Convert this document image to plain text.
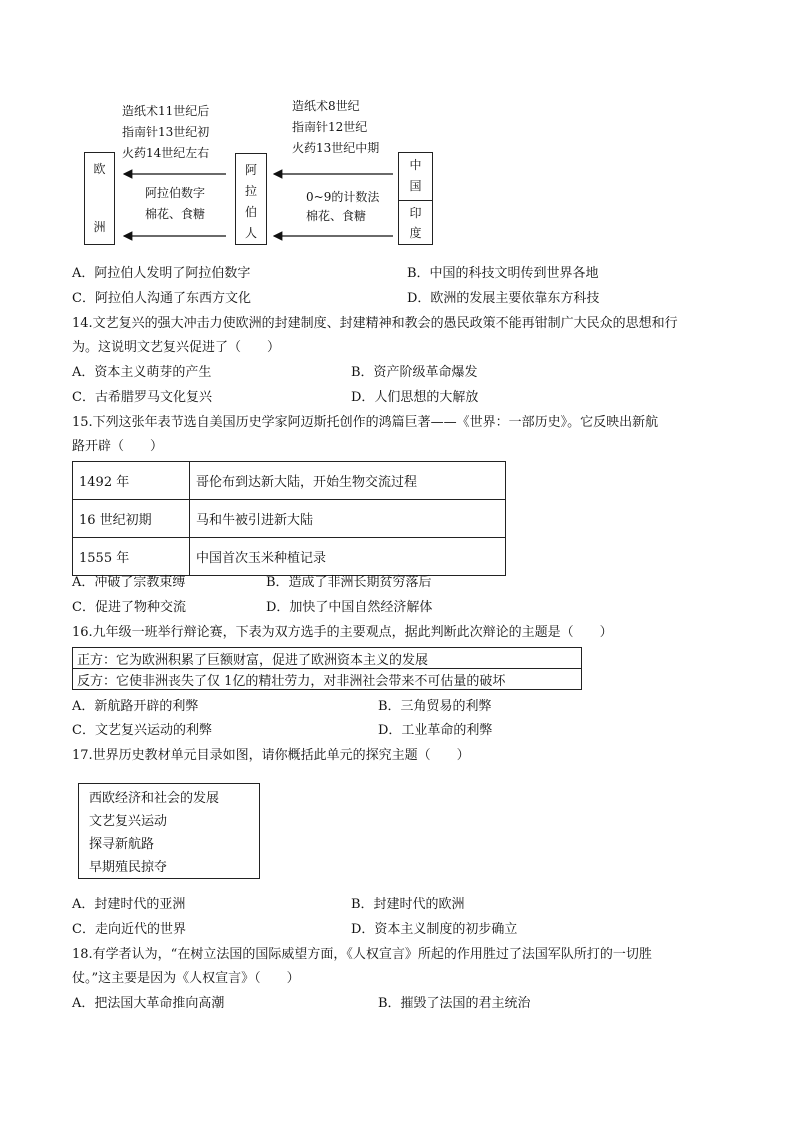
造纸术11世纪后
指南针13世纪初
火药14世纪左右
造纸术8世纪
指南针12世纪
火药13世纪中期
欧
洲
阿
拉
伯
人
中
国
印
度
阿拉伯数字
棉花、食糖
0~9的计数法
棉花、食糖
A．阿拉伯人发明了阿拉伯数字	B．中国的科技文明传到世界各地
C．阿拉伯人沟通了东西方文化	D．欧洲的发展主要依靠东方科技
14.文艺复兴的强大冲击力使欧洲的封建制度、封建精神和教会的愚民政策不能再钳制广大民众的思想和行
为。这说明文艺复兴促进了（　　）
A．资本主义萌芽的产生	B．资产阶级革命爆发
C．古希腊罗马文化复兴	D．人们思想的大解放
15.下列这张年表节选自美国历史学家阿迈斯托创作的鸿篇巨著——《世界：一部历史》。它反映出新航
路开辟（　　）
1492 年	哥伦布到达新大陆，开始生物交流过程
16 世纪初期	马和牛被引进新大陆
1555 年	中国首次玉米种植记录
A．冲破了宗教束缚	B．造成了非洲长期贫穷落后
C．促进了物种交流	D．加快了中国自然经济解体
16.九年级一班举行辩论赛，下表为双方选手的主要观点，据此判断此次辩论的主题是（　　）
正方：它为欧洲积累了巨额财富，促进了欧洲资本主义的发展
反方：它使非洲丧失了仅 1亿的精壮劳力，对非洲社会带来不可估量的破坏
A．新航路开辟的利弊	B．三角贸易的利弊
C．文艺复兴运动的利弊	D．工业革命的利弊
17.世界历史教材单元目录如图，请你概括此单元的探究主题（　　）
西欧经济和社会的发展
文艺复兴运动
探寻新航路
早期殖民掠夺
A．封建时代的亚洲	B．封建时代的欧洲
C．走向近代的世界	D．资本主义制度的初步确立
18.有学者认为，“在树立法国的国际威望方面，《人权宣言》所起的作用胜过了法国军队所打的一切胜
仗。”这主要是因为《人权宣言》（　　）
A．把法国大革命推向高潮	B．摧毁了法国的君主统治
